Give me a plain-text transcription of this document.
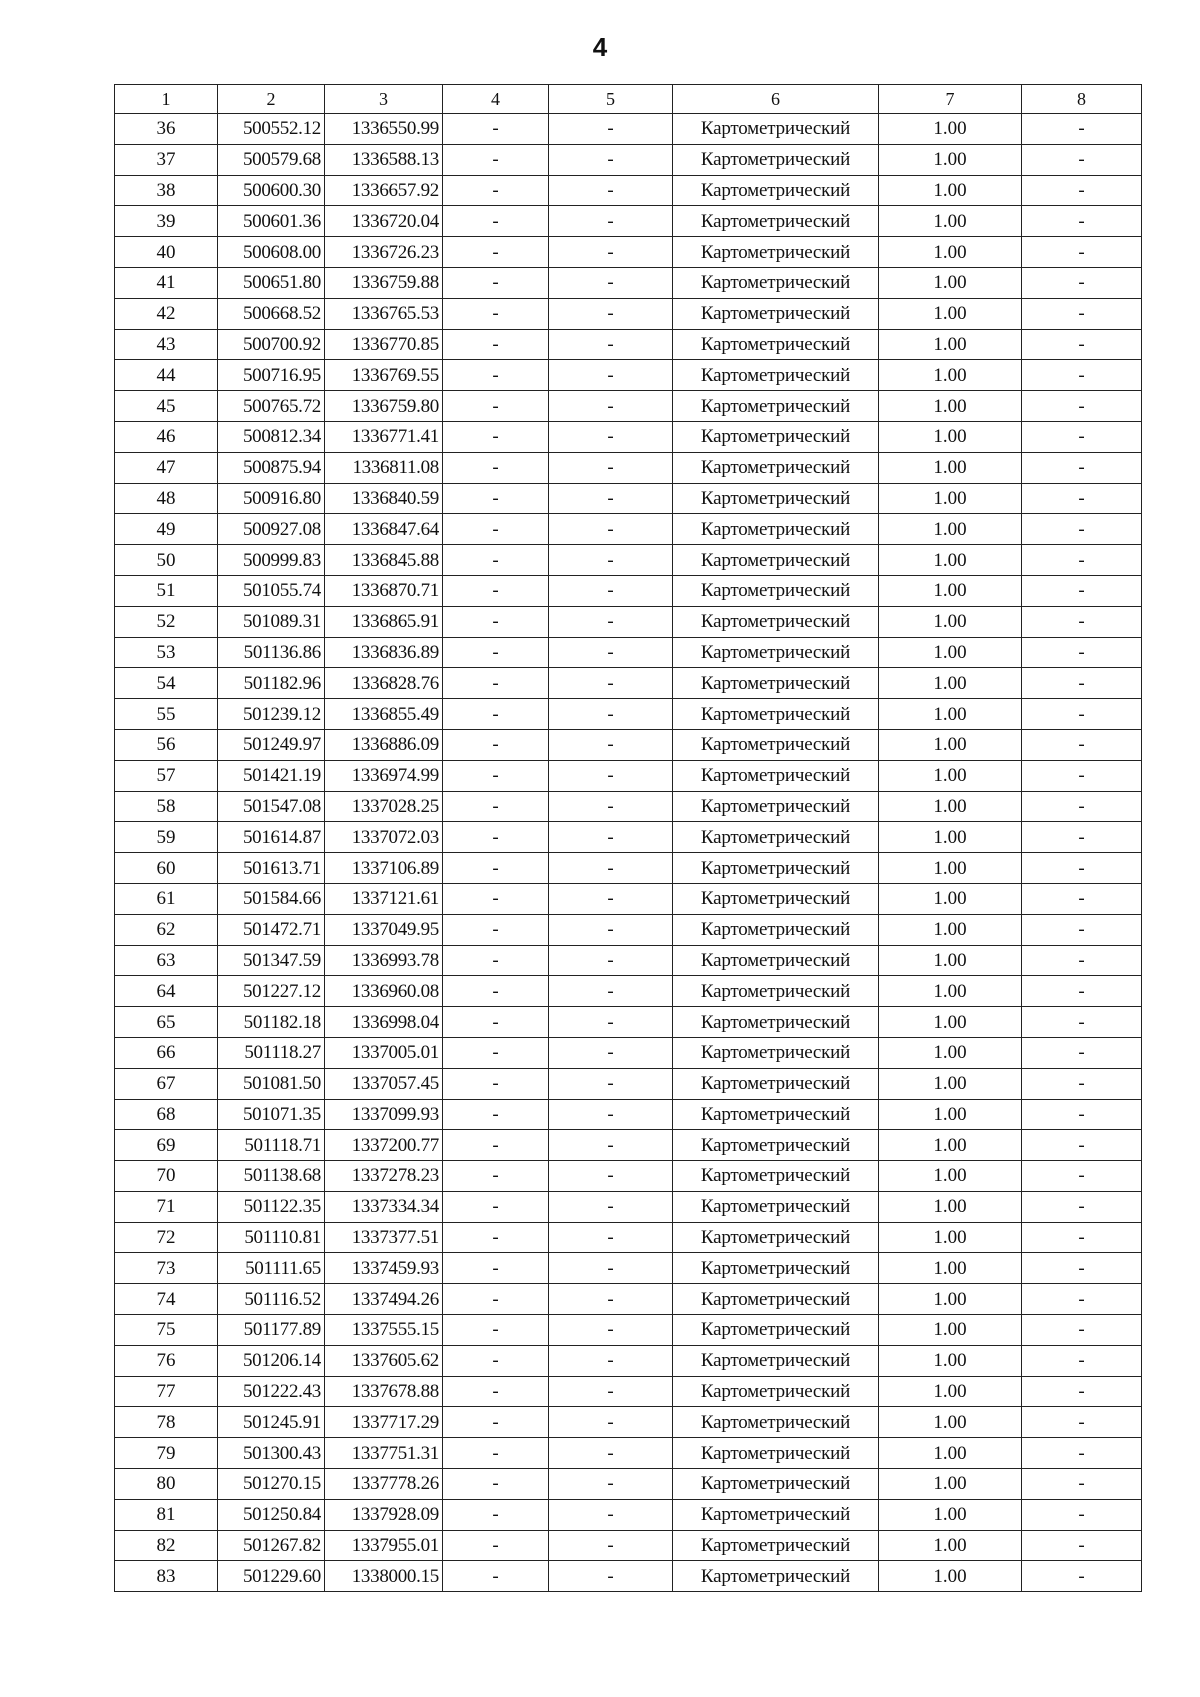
4
1	2	3	4	5	6	7	8
36	500552.12	1336550.99	-	-	Картометрический	1.00	-
37	500579.68	1336588.13	-	-	Картометрический	1.00	-
38	500600.30	1336657.92	-	-	Картометрический	1.00	-
39	500601.36	1336720.04	-	-	Картометрический	1.00	-
40	500608.00	1336726.23	-	-	Картометрический	1.00	-
41	500651.80	1336759.88	-	-	Картометрический	1.00	-
42	500668.52	1336765.53	-	-	Картометрический	1.00	-
43	500700.92	1336770.85	-	-	Картометрический	1.00	-
44	500716.95	1336769.55	-	-	Картометрический	1.00	-
45	500765.72	1336759.80	-	-	Картометрический	1.00	-
46	500812.34	1336771.41	-	-	Картометрический	1.00	-
47	500875.94	1336811.08	-	-	Картометрический	1.00	-
48	500916.80	1336840.59	-	-	Картометрический	1.00	-
49	500927.08	1336847.64	-	-	Картометрический	1.00	-
50	500999.83	1336845.88	-	-	Картометрический	1.00	-
51	501055.74	1336870.71	-	-	Картометрический	1.00	-
52	501089.31	1336865.91	-	-	Картометрический	1.00	-
53	501136.86	1336836.89	-	-	Картометрический	1.00	-
54	501182.96	1336828.76	-	-	Картометрический	1.00	-
55	501239.12	1336855.49	-	-	Картометрический	1.00	-
56	501249.97	1336886.09	-	-	Картометрический	1.00	-
57	501421.19	1336974.99	-	-	Картометрический	1.00	-
58	501547.08	1337028.25	-	-	Картометрический	1.00	-
59	501614.87	1337072.03	-	-	Картометрический	1.00	-
60	501613.71	1337106.89	-	-	Картометрический	1.00	-
61	501584.66	1337121.61	-	-	Картометрический	1.00	-
62	501472.71	1337049.95	-	-	Картометрический	1.00	-
63	501347.59	1336993.78	-	-	Картометрический	1.00	-
64	501227.12	1336960.08	-	-	Картометрический	1.00	-
65	501182.18	1336998.04	-	-	Картометрический	1.00	-
66	501118.27	1337005.01	-	-	Картометрический	1.00	-
67	501081.50	1337057.45	-	-	Картометрический	1.00	-
68	501071.35	1337099.93	-	-	Картометрический	1.00	-
69	501118.71	1337200.77	-	-	Картометрический	1.00	-
70	501138.68	1337278.23	-	-	Картометрический	1.00	-
71	501122.35	1337334.34	-	-	Картометрический	1.00	-
72	501110.81	1337377.51	-	-	Картометрический	1.00	-
73	501111.65	1337459.93	-	-	Картометрический	1.00	-
74	501116.52	1337494.26	-	-	Картометрический	1.00	-
75	501177.89	1337555.15	-	-	Картометрический	1.00	-
76	501206.14	1337605.62	-	-	Картометрический	1.00	-
77	501222.43	1337678.88	-	-	Картометрический	1.00	-
78	501245.91	1337717.29	-	-	Картометрический	1.00	-
79	501300.43	1337751.31	-	-	Картометрический	1.00	-
80	501270.15	1337778.26	-	-	Картометрический	1.00	-
81	501250.84	1337928.09	-	-	Картометрический	1.00	-
82	501267.82	1337955.01	-	-	Картометрический	1.00	-
83	501229.60	1338000.15	-	-	Картометрический	1.00	-
